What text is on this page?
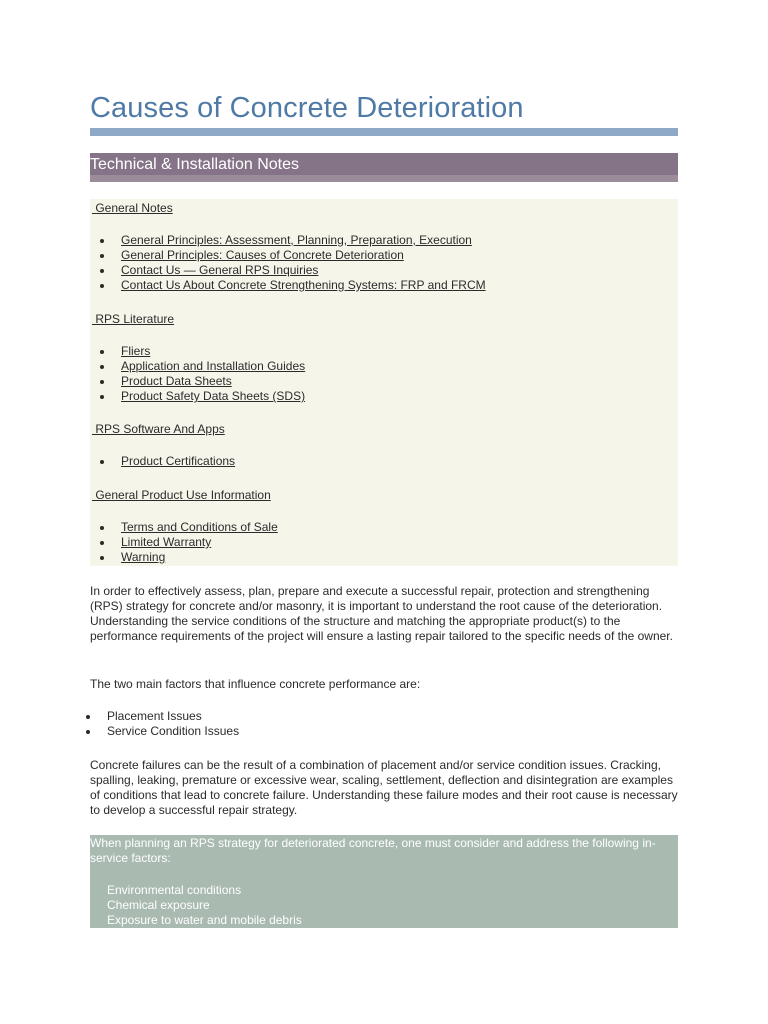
Causes of Concrete Deterioration
Technical & Installation Notes
General Notes
General Principles: Assessment, Planning, Preparation, Execution
General Principles: Causes of Concrete Deterioration
Contact Us — General RPS Inquiries
Contact Us About Concrete Strengthening Systems: FRP and FRCM
RPS Literature
Fliers
Application and Installation Guides
Product Data Sheets
Product Safety Data Sheets (SDS)
RPS Software And Apps
Product Certifications
General Product Use Information
Terms and Conditions of Sale
Limited Warranty
Warning

In order to effectively assess, plan, prepare and execute a successful repair, protection and strengthening (RPS) strategy for concrete and/or masonry, it is important to understand the root cause of the deterioration. Understanding the service conditions of the structure and matching the appropriate product(s) to the performance requirements of the project will ensure a lasting repair tailored to the specific needs of the owner.

The two main factors that influence concrete performance are:

Placement Issues
Service Condition Issues

Concrete failures can be the result of a combination of placement and/or service condition issues. Cracking, spalling, leaking, premature or excessive wear, scaling, settlement, deflection and disintegration are examples of conditions that lead to concrete failure. Understanding these failure modes and their root cause is necessary to develop a successful repair strategy.

When planning an RPS strategy for deteriorated concrete, one must consider and address the following in-service factors:

Environmental conditions
Chemical exposure
Exposure to water and mobile debris
